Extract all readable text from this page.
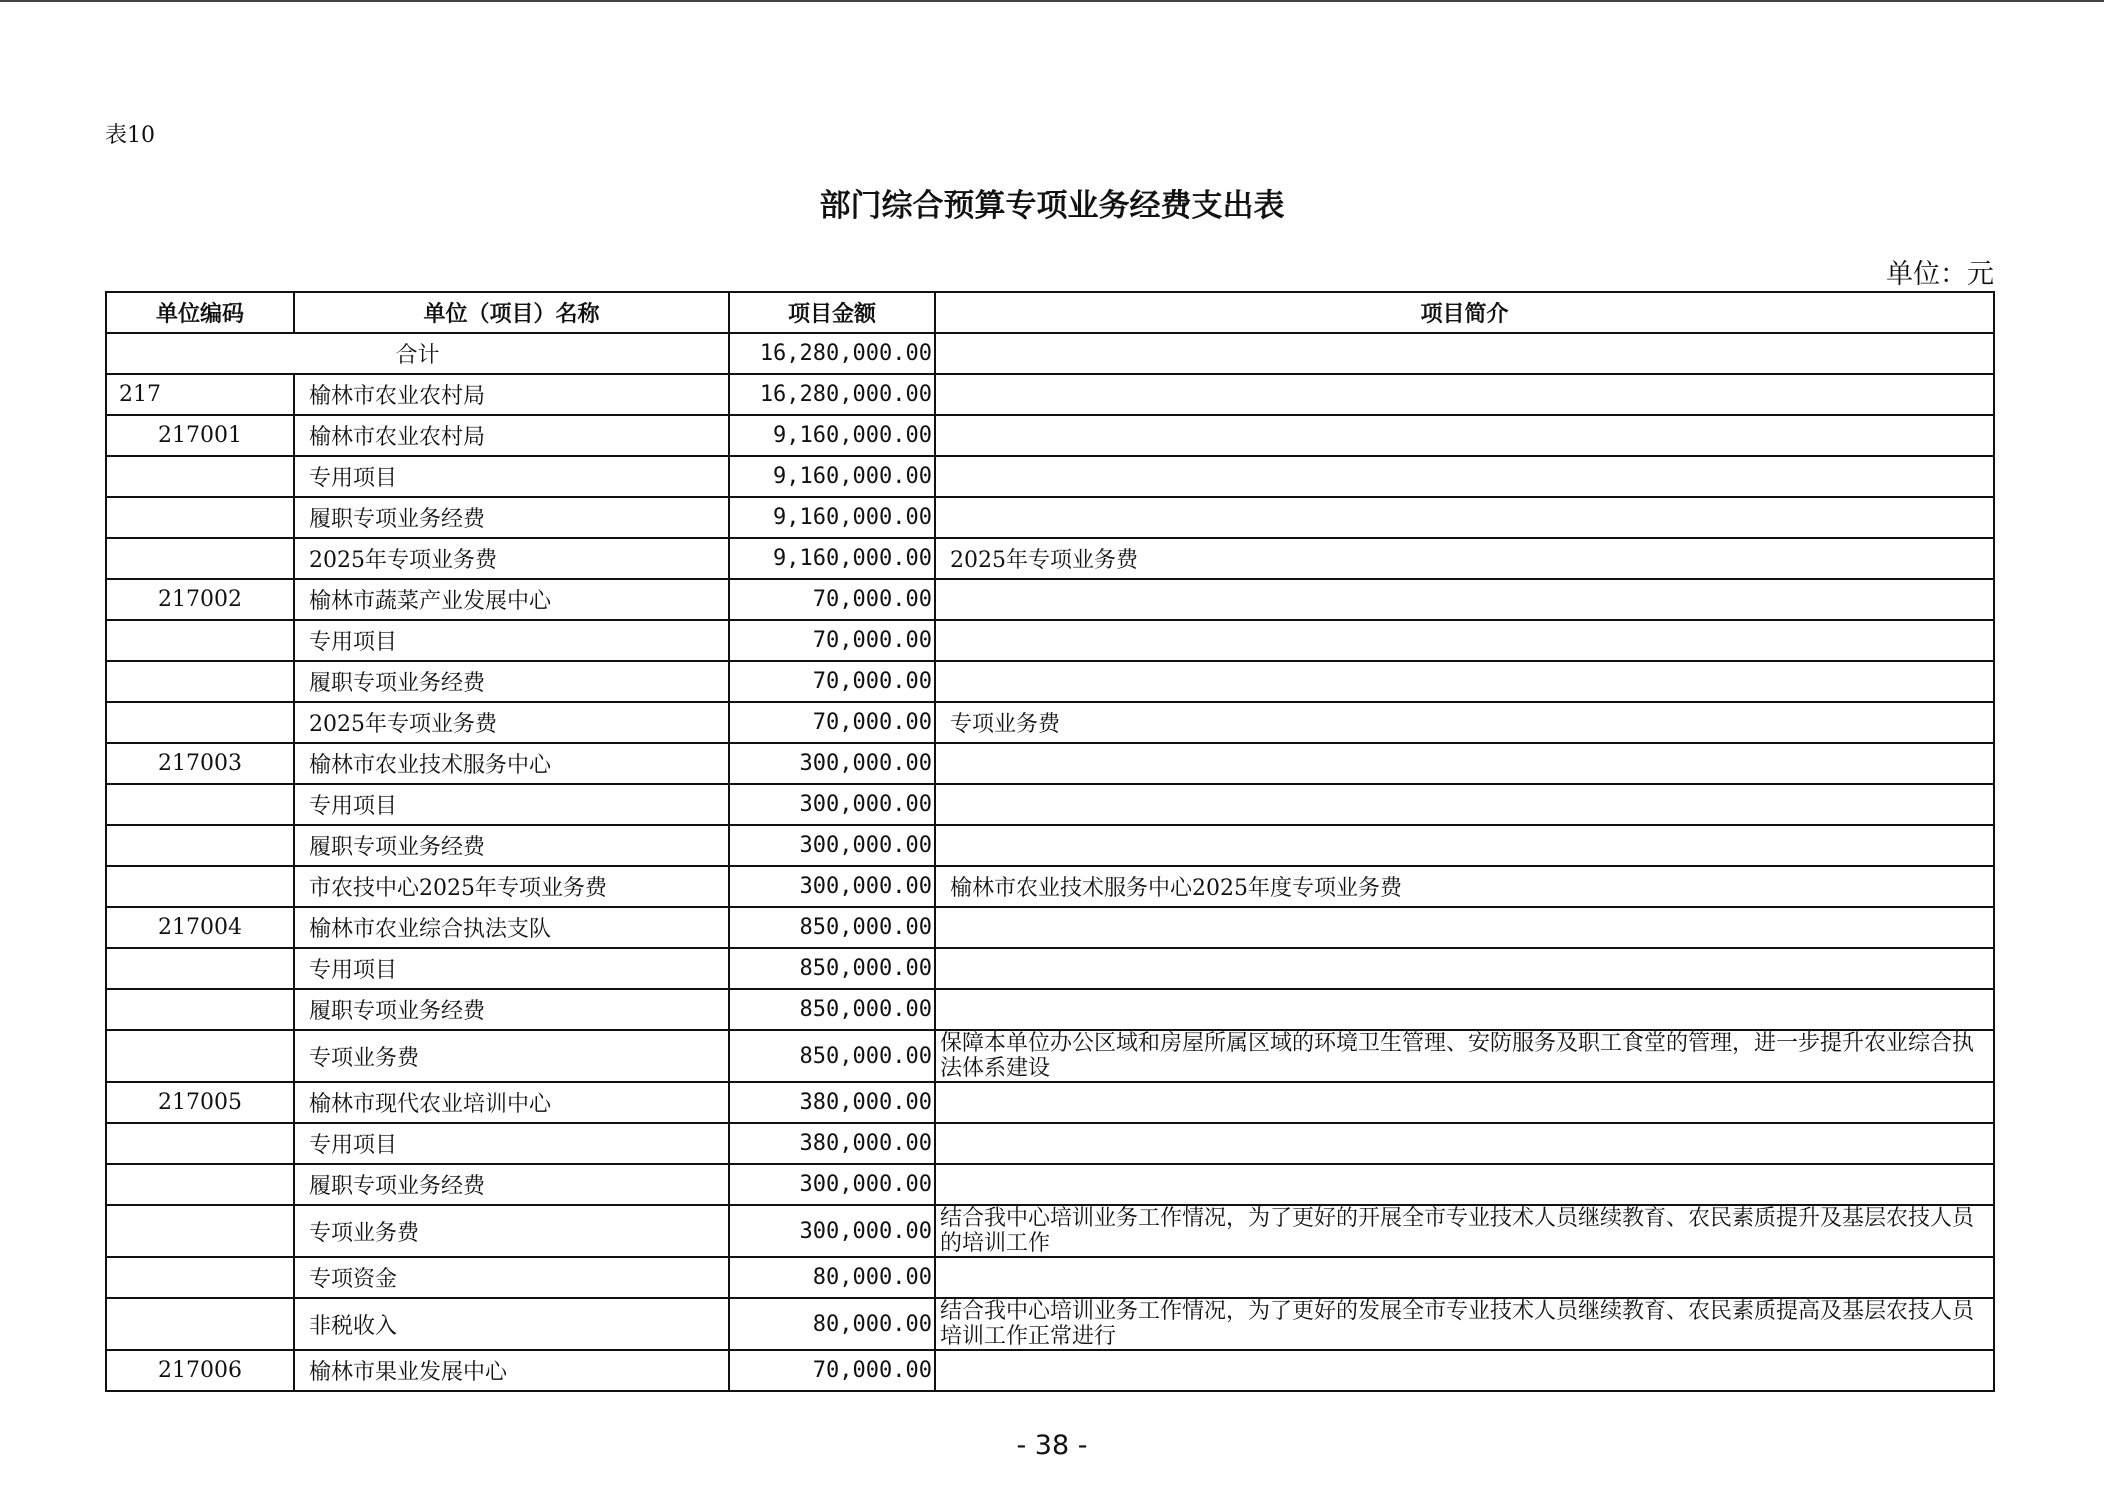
表10
部门综合预算专项业务经费支出表
单位：元
单位编码	单位（项目）名称	项目金额	项目简介
合计		16,280,000.00	
217	榆林市农业农村局	16,280,000.00	
217001	榆林市农业农村局	9,160,000.00	
	专用项目	9,160,000.00	
	履职专项业务经费	9,160,000.00	
	2025年专项业务费	9,160,000.00	2025年专项业务费
217002	榆林市蔬菜产业发展中心	70,000.00	
	专用项目	70,000.00	
	履职专项业务经费	70,000.00	
	2025年专项业务费	70,000.00	专项业务费
217003	榆林市农业技术服务中心	300,000.00	
	专用项目	300,000.00	
	履职专项业务经费	300,000.00	
	市农技中心2025年专项业务费	300,000.00	榆林市农业技术服务中心2025年度专项业务费
217004	榆林市农业综合执法支队	850,000.00	
	专用项目	850,000.00	
	履职专项业务经费	850,000.00	
	专项业务费	850,000.00	保障本单位办公区域和房屋所属区域的环境卫生管理、安防服务及职工食堂的管理，进一步提升农业综合执法体系建设
217005	榆林市现代农业培训中心	380,000.00	
	专用项目	380,000.00	
	履职专项业务经费	300,000.00	
	专项业务费	300,000.00	结合我中心培训业务工作情况，为了更好的开展全市专业技术人员继续教育、农民素质提升及基层农技人员的培训工作
	专项资金	80,000.00	
	非税收入	80,000.00	结合我中心培训业务工作情况，为了更好的发展全市专业技术人员继续教育、农民素质提高及基层农技人员培训工作正常进行
217006	榆林市果业发展中心	70,000.00	
- 38 -
